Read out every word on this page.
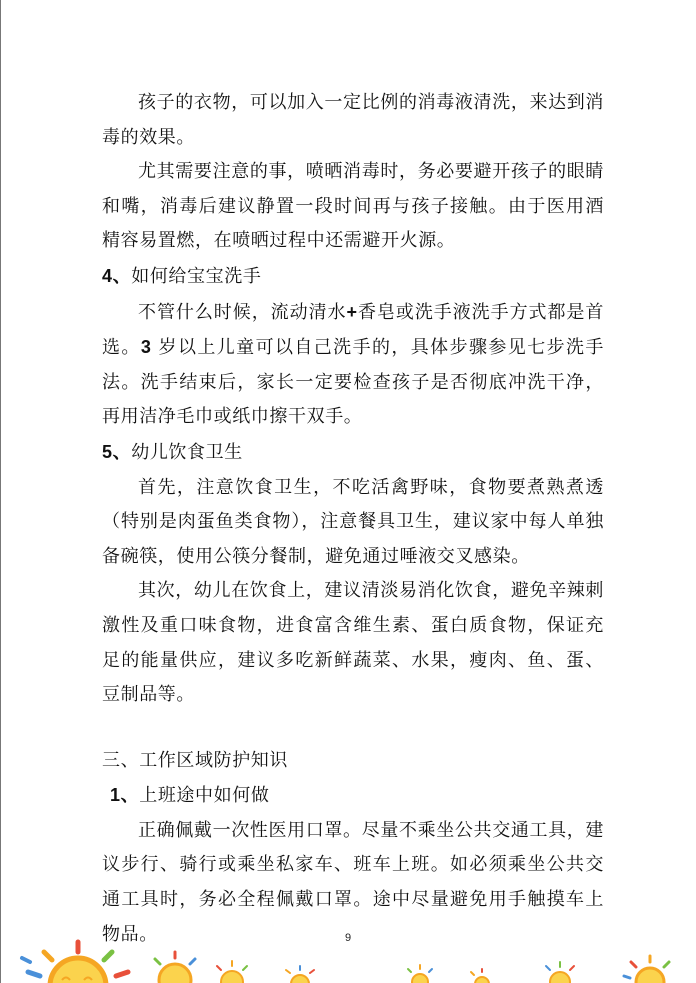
孩子的衣物，可以加入一定比例的消毒液清洗，来达到消毒的效果。

尤其需要注意的事，喷晒消毒时，务必要避开孩子的眼睛和嘴，消毒后建议静置一段时间再与孩子接触。由于医用酒精容易置燃，在喷晒过程中还需避开火源。

4、如何给宝宝洗手

不管什么时候，流动清水+香皂或洗手液洗手方式都是首选。3 岁以上儿童可以自己洗手的，具体步骤参见七步洗手法。洗手结束后，家长一定要检查孩子是否彻底冲洗干净，再用洁净毛巾或纸巾擦干双手。

5、幼儿饮食卫生

首先，注意饮食卫生，不吃活禽野味，食物要煮熟煮透（特别是肉蛋鱼类食物），注意餐具卫生，建议家中每人单独备碗筷，使用公筷分餐制，避免通过唾液交叉感染。

其次，幼儿在饮食上，建议清淡易消化饮食，避免辛辣刺激性及重口味食物，进食富含维生素、蛋白质食物，保证充足的能量供应，建议多吃新鲜蔬菜、水果，瘦肉、鱼、蛋、豆制品等。

三、工作区域防护知识

1、上班途中如何做

正确佩戴一次性医用口罩。尽量不乘坐公共交通工具，建议步行、骑行或乘坐私家车、班车上班。如必须乘坐公共交通工具时，务必全程佩戴口罩。途中尽量避免用手触摸车上物品。	9
